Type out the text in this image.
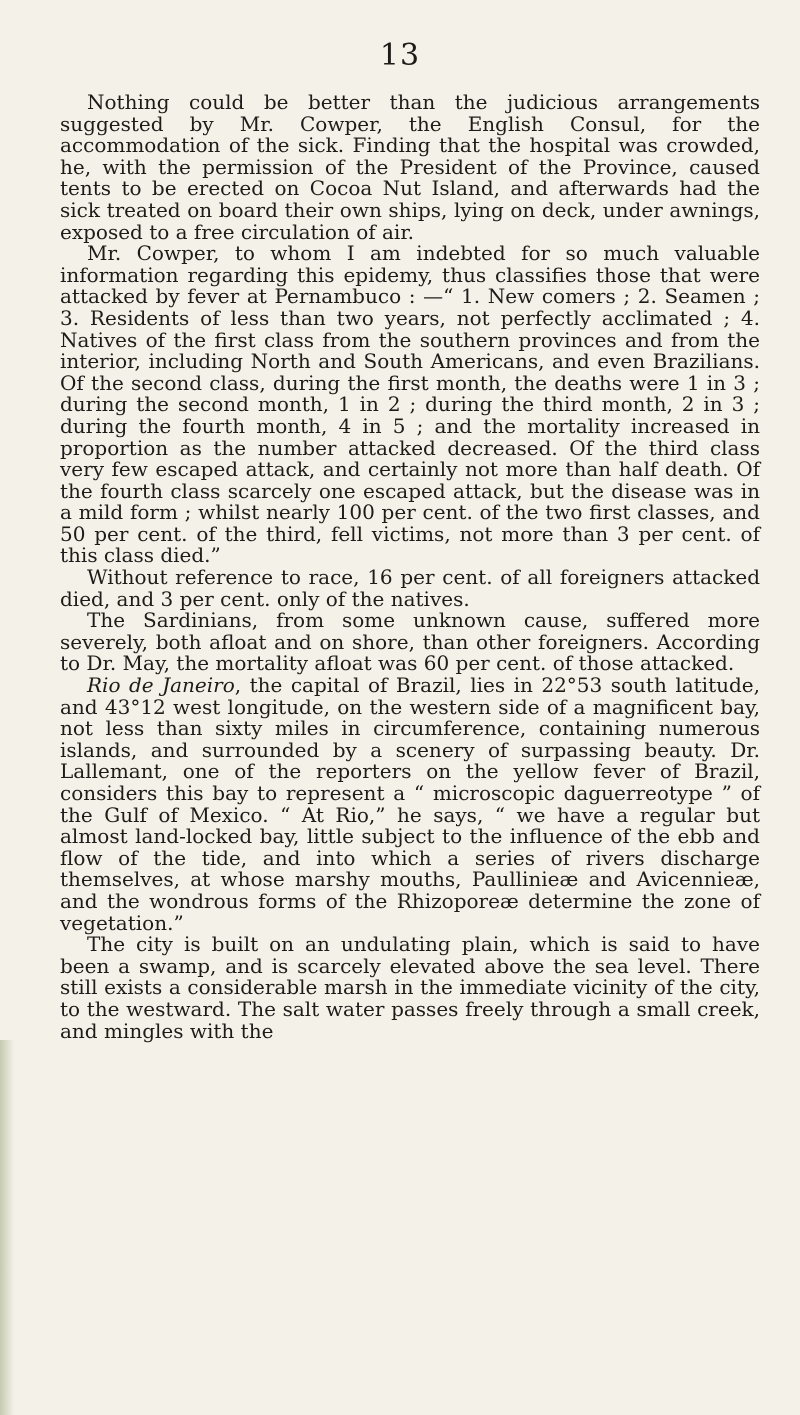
13

Nothing could be better than the judicious arrangements suggested by Mr. Cowper, the English Consul, for the accommodation of the sick. Finding that the hospital was crowded, he, with the permission of the President of the Province, caused tents to be erected on Cocoa Nut Island, and afterwards had the sick treated on board their own ships, lying on deck, under awnings, exposed to a free circulation of air.

Mr. Cowper, to whom I am indebted for so much valuable information regarding this epidemy, thus classifies those that were attacked by fever at Pernambuco : —“ 1. New comers ; 2. Seamen ; 3. Residents of less than two years, not perfectly acclimated ; 4. Natives of the first class from the southern provinces and from the interior, including North and South Americans, and even Brazilians. Of the second class, during the first month, the deaths were 1 in 3 ; during the second month, 1 in 2 ; during the third month, 2 in 3 ; during the fourth month, 4 in 5 ; and the mortality increased in proportion as the number attacked decreased. Of the third class very few escaped attack, and certainly not more than half death. Of the fourth class scarcely one escaped attack, but the disease was in a mild form ; whilst nearly 100 per cent. of the two first classes, and 50 per cent. of the third, fell victims, not more than 3 per cent. of this class died.”

Without reference to race, 16 per cent. of all foreigners attacked died, and 3 per cent. only of the natives.

The Sardinians, from some unknown cause, suffered more severely, both afloat and on shore, than other foreigners. According to Dr. May, the mortality afloat was 60 per cent. of those attacked.

Rio de Janeiro, the capital of Brazil, lies in 22°53 south latitude, and 43°12 west longitude, on the western side of a magnificent bay, not less than sixty miles in circumference, containing numerous islands, and surrounded by a scenery of surpassing beauty. Dr. Lallemant, one of the reporters on the yellow fever of Brazil, considers this bay to represent a “ microscopic daguerreotype ” of the Gulf of Mexico. “ At Rio,” he says, “ we have a regular but almost land-locked bay, little subject to the influence of the ebb and flow of the tide, and into which a series of rivers discharge themselves, at whose marshy mouths, Paullinieæ and Avicennieæ, and the wondrous forms of the Rhizoporeæ determine the zone of vegetation.”

The city is built on an undulating plain, which is said to have been a swamp, and is scarcely elevated above the sea level. There still exists a considerable marsh in the immediate vicinity of the city, to the westward. The salt water passes freely through a small creek, and mingles with the
